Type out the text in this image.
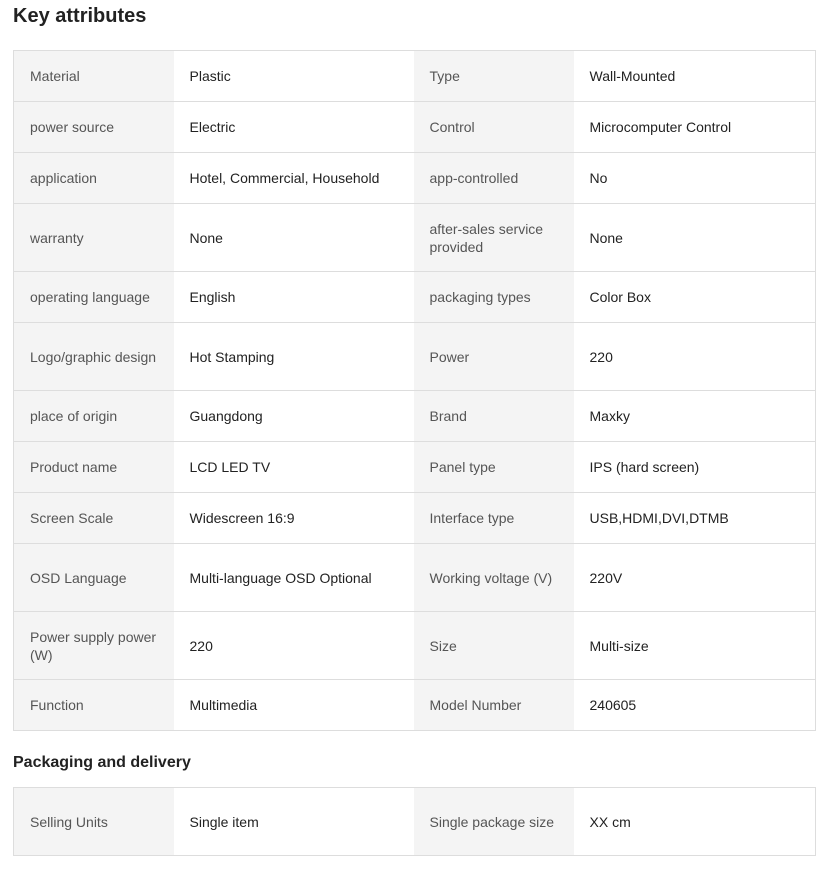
Key attributes
Material	Plastic	Type	Wall-Mounted
power source	Electric	Control	Microcomputer Control
application	Hotel, Commercial, Household	app-controlled	No
warranty	None	after-sales service provided	None
operating language	English	packaging types	Color Box
Logo/graphic design	Hot Stamping	Power	220
place of origin	Guangdong	Brand	Maxky
Product name	LCD LED TV	Panel type	IPS (hard screen)
Screen Scale	Widescreen 16:9	Interface type	USB,HDMI,DVI,DTMB
OSD Language	Multi-language OSD Optional	Working voltage (V)	220V
Power supply power (W)	220	Size	Multi-size
Function	Multimedia	Model Number	240605
Packaging and delivery
Selling Units	Single item	Single package size	XX cm
